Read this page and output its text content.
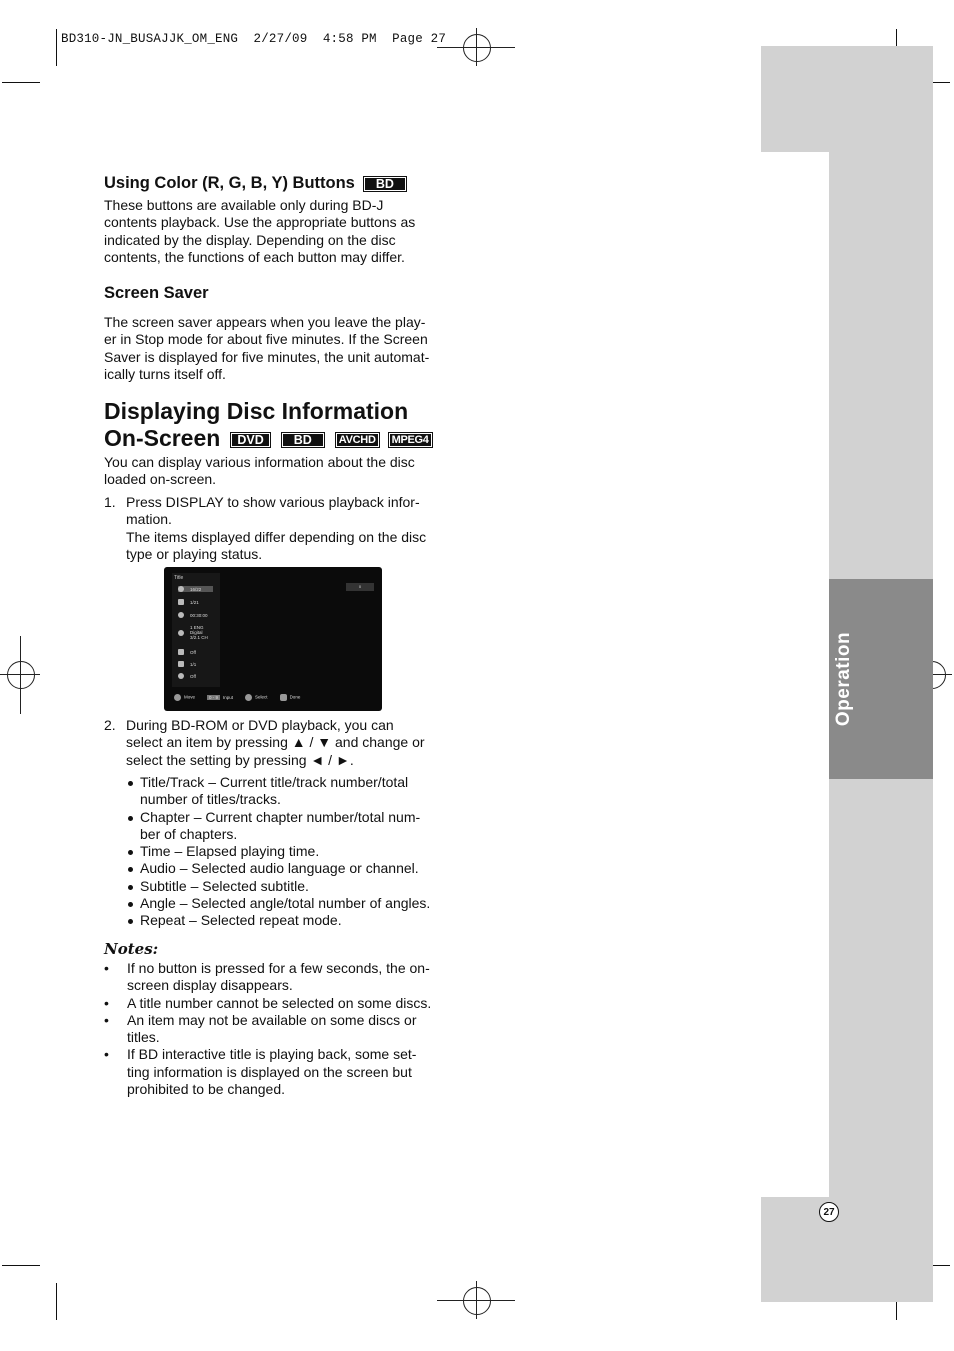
BD310-JN_BUSAJJK_OM_ENG  2/27/09  4:58 PM  Page 27
Operation
27
Using Color (R, G, B, Y) Buttons BD
These buttons are available only during BD-J
contents playback. Use the appropriate buttons as
indicated by the display. Depending on the disc
contents, the functions of each button may differ.
Screen Saver
The screen saver appears when you leave the play-
er in Stop mode for about five minutes. If the Screen
Saver is displayed for five minutes, the unit automat-
ically turns itself off.
Displaying Disc Information
On-Screen DVD BD AVCHD MPEG4
You can display various information about the disc
loaded on-screen.
1. Press DISPLAY to show various playback infor-
mation.
The items displayed differ depending on the disc
type or playing status.
Title
0
16/22
1/21
00:30:00
1 ENG
Digital
3/2.1 CH
Off
1/1
Off
Move	0 - 9 Input	Select	Done
2. During BD-ROM or DVD playback, you can
select an item by pressing ▲ / ▼ and change or
select the setting by pressing ◄ / ►.
Title/Track – Current title/track number/total
number of titles/tracks.
Chapter – Current chapter number/total num-
ber of chapters.
Time – Elapsed playing time.
Audio – Selected audio language or channel.
Subtitle – Selected subtitle.
Angle – Selected angle/total number of angles.
Repeat – Selected repeat mode.
Notes:
• If no button is pressed for a few seconds, the on-
screen display disappears.
• A title number cannot be selected on some discs.
• An item may not be available on some discs or
titles.
• If BD interactive title is playing back, some set-
ting information is displayed on the screen but
prohibited to be changed.
